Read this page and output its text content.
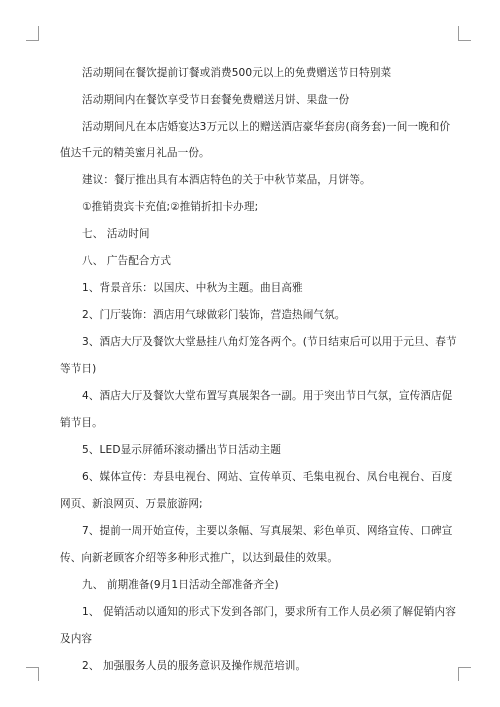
活动期间在餐饮提前订餐或消费500元以上的免费赠送节日特别菜
活动期间内在餐饮享受节日套餐免费赠送月饼、果盘一份
活动期间凡在本店婚宴达3万元以上的赠送酒店豪华套房(商务套)一间一晚和价
值达千元的精美蜜月礼品一份。
建议：餐厅推出具有本酒店特色的关于中秋节菜品，月饼等。
①推销贵宾卡充值;②推销折扣卡办理;
七、 活动时间
八、 广告配合方式
1、背景音乐：以国庆、中秋为主题。曲目高雅
2、门厅装饰：酒店用气球做彩门装饰，营造热闹气氛。
3、酒店大厅及餐饮大堂悬挂八角灯笼各两个。(节日结束后可以用于元旦、春节
等节日)
4、酒店大厅及餐饮大堂布置写真展架各一副。用于突出节日气氛，宣传酒店促
销节目。
5、LED显示屏循环滚动播出节日活动主题
6、媒体宣传：寿县电视台、网站、宣传单页、毛集电视台、凤台电视台、百度
网页、新浪网页、万景旅游网;
7、提前一周开始宣传，主要以条幅、写真展架、彩色单页、网络宣传、口碑宣
传、向新老顾客介绍等多种形式推广，以达到最佳的效果。
九、 前期准备(9月1日活动全部准备齐全)
1、 促销活动以通知的形式下发到各部门，要求所有工作人员必须了解促销内容
及内容
2、 加强服务人员的服务意识及操作规范培训。
